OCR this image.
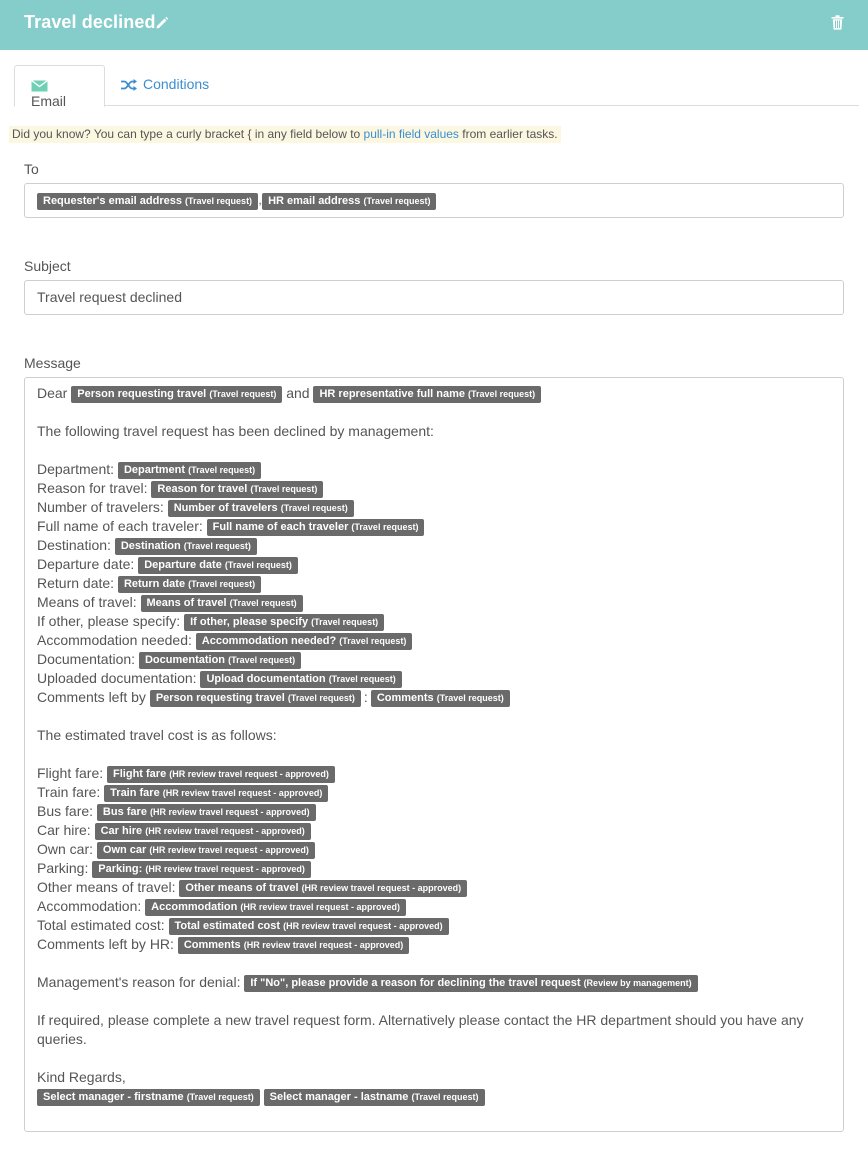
Travel declined
Email
Conditions
Did you know? You can type a curly bracket { in any field below to pull-in field values from earlier tasks.
To
Requester's email address (Travel request) , HR email address (Travel request)
Subject
Travel request declined
Message
Dear Person requesting travel (Travel request) and HR representative full name (Travel request)
The following travel request has been declined by management:
Department: Department (Travel request)
Reason for travel: Reason for travel (Travel request)
Number of travelers: Number of travelers (Travel request)
Full name of each traveler: Full name of each traveler (Travel request)
Destination: Destination (Travel request)
Departure date: Departure date (Travel request)
Return date: Return date (Travel request)
Means of travel: Means of travel (Travel request)
If other, please specify: If other, please specify (Travel request)
Accommodation needed: Accommodation needed? (Travel request)
Documentation: Documentation (Travel request)
Uploaded documentation: Upload documentation (Travel request)
Comments left by Person requesting travel (Travel request) : Comments (Travel request)
The estimated travel cost is as follows:
Flight fare: Flight fare (HR review travel request - approved)
Train fare: Train fare (HR review travel request - approved)
Bus fare: Bus fare (HR review travel request - approved)
Car hire: Car hire (HR review travel request - approved)
Own car: Own car (HR review travel request - approved)
Parking: Parking: (HR review travel request - approved)
Other means of travel: Other means of travel (HR review travel request - approved)
Accommodation: Accommodation (HR review travel request - approved)
Total estimated cost: Total estimated cost (HR review travel request - approved)
Comments left by HR: Comments (HR review travel request - approved)
Management's reason for denial: If "No", please provide a reason for declining the travel request (Review by management)
If required, please complete a new travel request form. Alternatively please contact the HR department should you have any queries.
Kind Regards,
Select manager - firstname (Travel request) Select manager - lastname (Travel request)
